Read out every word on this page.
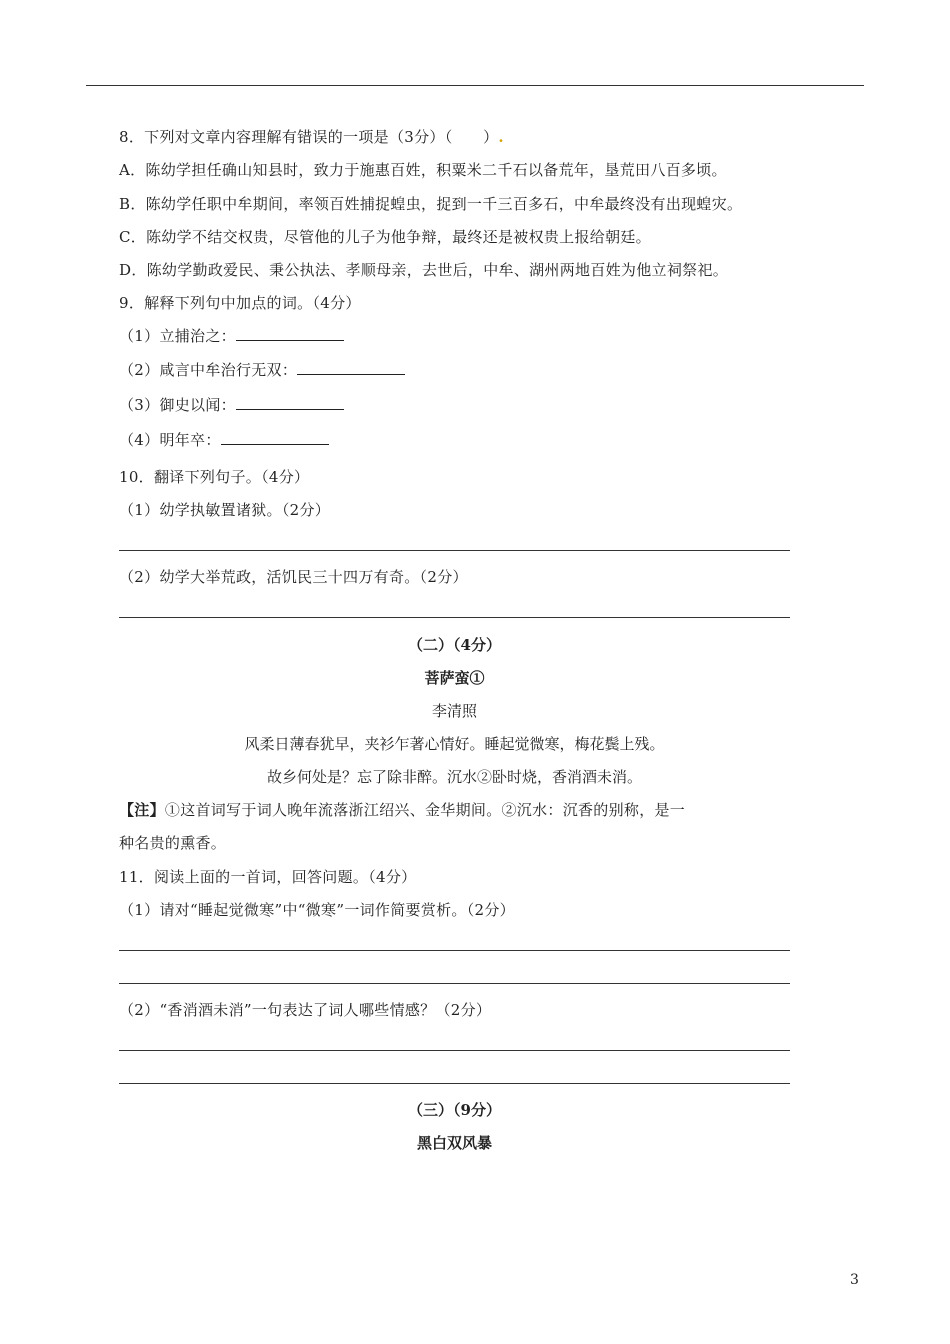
8．下列对文章内容理解有错误的一项是（3分）（　　）.
A．陈幼学担任确山知县时，致力于施惠百姓，积粟米二千石以备荒年，垦荒田八百多顷。
B．陈幼学任职中牟期间，率领百姓捕捉蝗虫，捉到一千三百多石，中牟最终没有出现蝗灾。
C．陈幼学不结交权贵，尽管他的儿子为他争辩，最终还是被权贵上报给朝廷。
D．陈幼学勤政爱民、秉公执法、孝顺母亲，去世后，中牟、湖州两地百姓为他立祠祭祀。
9．解释下列句中加点的词。（4分）
（1）立捕治之：
（2）咸言中牟治行无双：
（3）御史以闻：
（4）明年卒：
10．翻译下列句子。（4分）
（1）幼学执敏置诸狱。（2分）
（2）幼学大举荒政，活饥民三十四万有奇。（2分）
（二）（4分）
菩萨蛮①
李清照
风柔日薄春犹早，夹衫乍著心情好。睡起觉微寒，梅花鬓上残。
故乡何处是？忘了除非醉。沉水②卧时烧，香消酒未消。
【注】①这首词写于词人晚年流落浙江绍兴、金华期间。②沉水：沉香的别称，是一
种名贵的熏香。
11．阅读上面的一首词，回答问题。（4分）
（1）请对“睡起觉微寒”中“微寒”一词作简要赏析。（2分）
（2）“香消酒未消”一句表达了词人哪些情感？（2分）
（三）（9分）
黑白双风暴
3
